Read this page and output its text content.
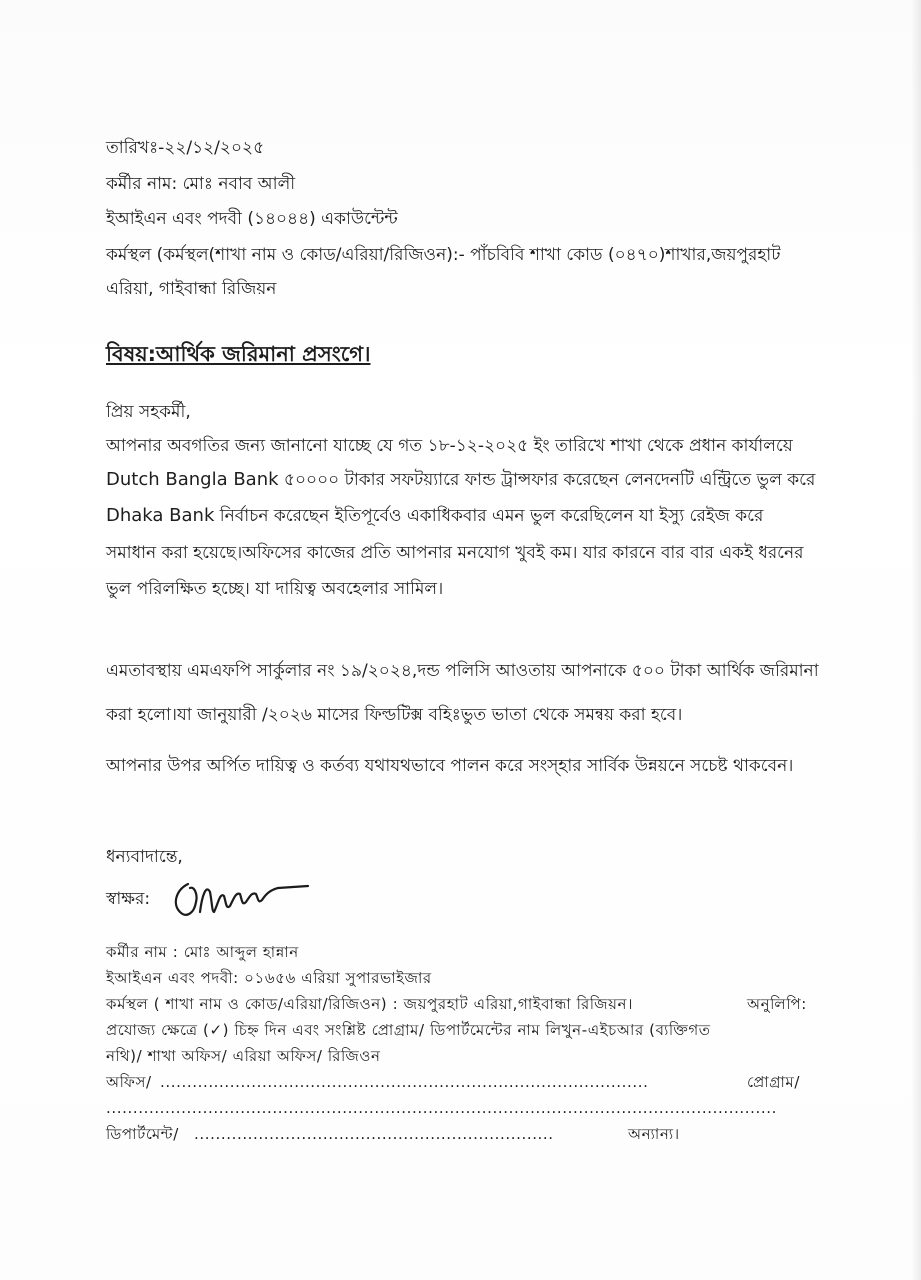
তারিখঃ-২২/১২/২০২৫
কর্মীর নাম: মোঃ নবাব আলী
ইআইএন এবং পদবী (১৪০৪৪) একাউন্টেন্ট
কর্মস্থল (কর্মস্থল(শাখা নাম ও কোড/এরিয়া/রিজিওন):- পাঁচবিবি শাখা কোড (০৪৭০)শাখার,জয়পুরহাট
এরিয়া, গাইবান্ধা রিজিয়ন
বিষয়:আর্থিক জরিমানা প্রসংগে।
প্রিয় সহকর্মী,
আপনার অবগতির জন্য জানানো যাচ্ছে যে গত ১৮-১২-২০২৫ ইং তারিখে শাখা থেকে প্রধান কার্যালয়ে
Dutch Bangla Bank ৫০০০০ টাকার সফটয়্যারে ফান্ড ট্রান্সফার করেছেন লেনদেনটি এন্ট্রিতে ভুল করে
Dhaka Bank নির্বাচন করেছেন ইতিপূর্বেও একাধিকবার এমন ভুল করেছিলেন যা ইস্যু রেইজ করে
সমাধান করা হয়েছে।অফিসের কাজের প্রতি আপনার মনযোগ খুবই কম। যার কারনে বার বার একই ধরনের
ভুল পরিলক্ষিত হচ্ছে। যা দায়িত্ব অবহেলার সামিল।
এমতাবস্থায় এমএফপি সার্কুলার নং ১৯/২০২৪,দন্ড পলিসি আওতায় আপনাকে ৫০০ টাকা আর্থিক জরিমানা
করা হলো।যা জানুয়ারী /২০২৬ মাসের ফিল্ডটিক্স বহিঃভুত ভাতা থেকে সমন্বয় করা হবে।
আপনার উপর অর্পিত দায়িত্ব ও কর্তব্য যথাযথভাবে পালন করে সংস্হার সার্বিক উন্নয়নে সচেষ্ট থাকবেন।
ধন্যবাদান্তে,
স্বাক্ষর:
কর্মীর নাম : মোঃ আব্দুল হান্নান
ইআইএন এবং পদবী: ০১৬৫৬ এরিয়া সুপারভাইজার
কর্মস্থল ( শাখা নাম ও কোড/এরিয়া/রিজিওন) : জয়পুরহাট এরিয়া,গাইবান্ধা রিজিয়ন।	অনুলিপি:
প্রযোজ্য ক্ষেত্রে (✓) চিহ্ন দিন এবং সংশ্লিষ্ট প্রোগ্রাম/ ডিপার্টমেন্টের নাম লিখুন-এইচআর (ব্যক্তিগত
নথি)/ শাখা অফিস/ এরিয়া অফিস/ রিজিওন
অফিস/ ...........................................................................................	প্রোগ্রাম/
.............................................................................................................................
ডিপার্টমেন্ট/ ...................................................................	অন্যান্য।
